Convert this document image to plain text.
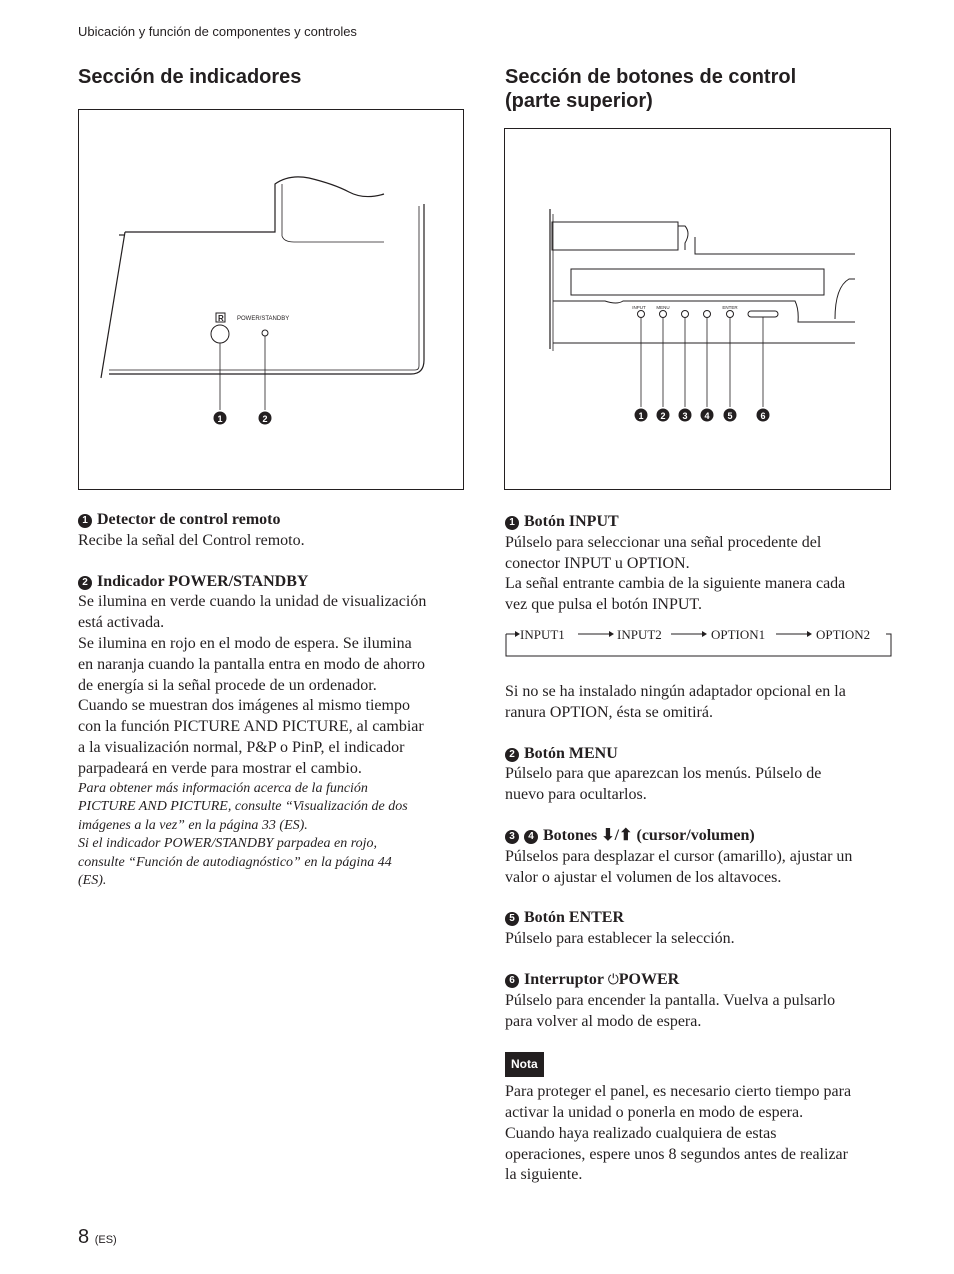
Ubicación y función de componentes y controles
Sección de indicadores
R POWER/STANDBY
1	2
1 Detector de control remoto

Recibe la señal del Control remoto.

2 Indicador POWER/STANDBY

Se ilumina en verde cuando la unidad de visualización

está activada.

Se ilumina en rojo en el modo de espera. Se ilumina

en naranja cuando la pantalla entra en modo de ahorro

de energía si la señal procede de un ordenador.

Cuando se muestran dos imágenes al mismo tiempo

con la función PICTURE AND PICTURE, al cambiar

a la visualización normal, P&P o PinP, el indicador

parpadeará en verde para mostrar el cambio.

Para obtener más información acerca de la función

PICTURE AND PICTURE, consulte “Visualización de dos

imágenes a la vez” en la página 33 (ES).

Si el indicador POWER/STANDBY parpadea en rojo,

consulte “Función de autodiagnóstico” en la página 44

(ES).

Sección de botones de control
(parte superior)
INPUT MENU	ENTER
1 2 3 4 5	6
1 Botón INPUT

Púlselo para seleccionar una señal procedente del

conector INPUT u OPTION.

La señal entrante cambia de la siguiente manera cada

vez que pulsa el botón INPUT.

INPUT1	INPUT2	OPTION1	OPTION2

Si no se ha instalado ningún adaptador opcional en la

ranura OPTION, ésta se omitirá.

2 Botón MENU

Púlselo para que aparezcan los menús. Púlselo de

nuevo para ocultarlos.

3 4 Botones ⬇/⬆ (cursor/volumen)

Púlselos para desplazar el cursor (amarillo), ajustar un

valor o ajustar el volumen de los altavoces.

5 Botón ENTER

Púlselo para establecer la selección.

6 Interruptor ⏻POWER

Púlselo para encender la pantalla. Vuelva a pulsarlo

para volver al modo de espera.

Nota

Para proteger el panel, es necesario cierto tiempo para

activar la unidad o ponerla en modo de espera.

Cuando haya realizado cualquiera de estas

operaciones, espere unos 8 segundos antes de realizar

la siguiente.

8 (ES)
